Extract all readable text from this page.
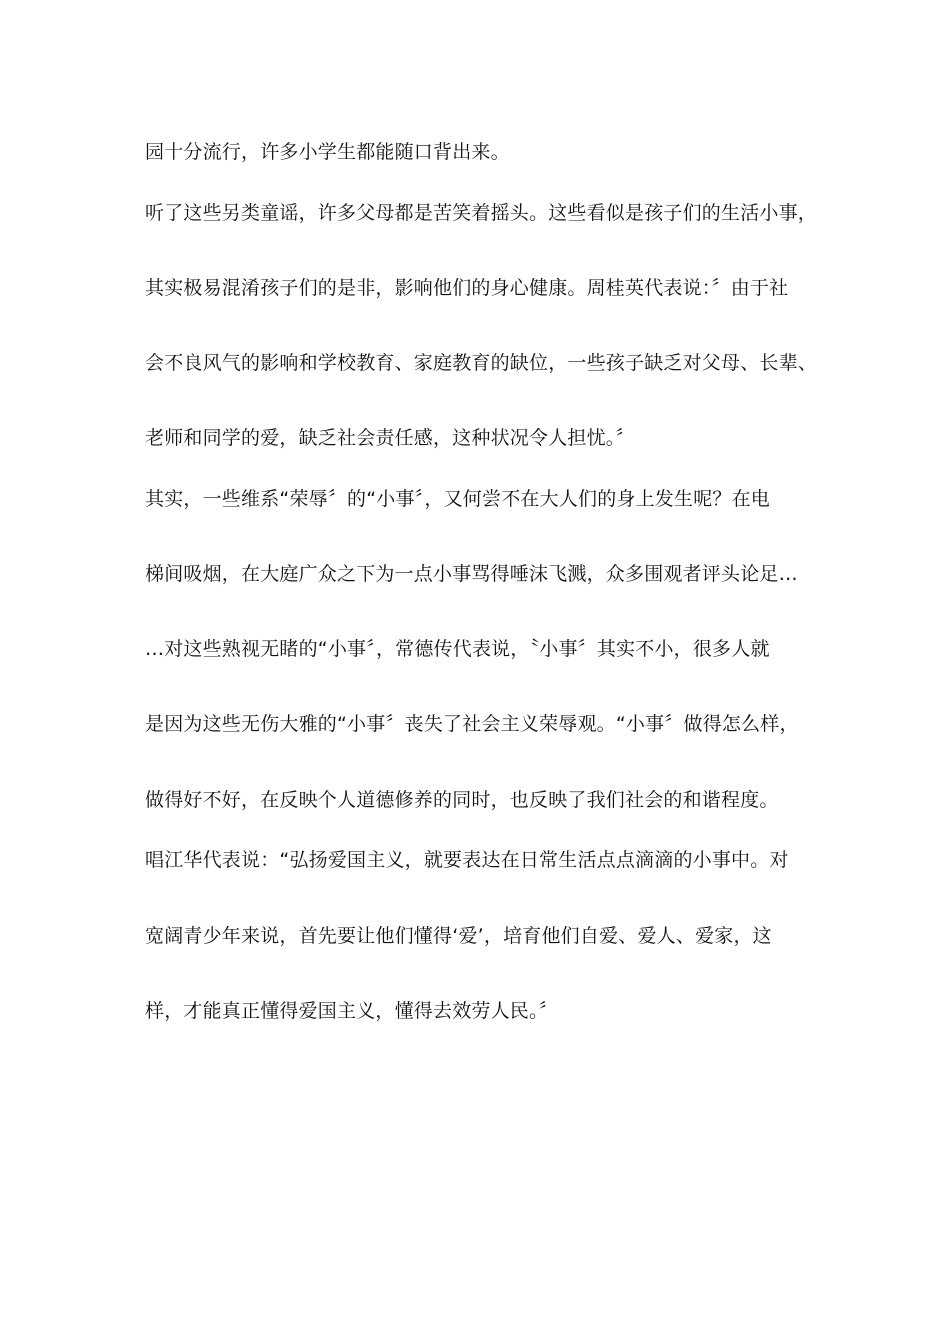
园十分流行，许多小学生都能随口背出来。
听了这些另类童谣，许多父母都是苦笑着摇头。这些看似是孩子们的生活小事，
其实极易混淆孩子们的是非，影响他们的身心健康。周桂英代表说：〞由于社
会不良风气的影响和学校教育、家庭教育的缺位，一些孩子缺乏对父母、长辈、
老师和同学的爱，缺乏社会责任感，这种状况令人担忧。〞
其实，一些维系“荣辱〞的“小事〞，又何尝不在大人们的身上发生呢？在电
梯间吸烟，在大庭广众之下为一点小事骂得唾沫飞溅，众多围观者评头论足…
…对这些熟视无睹的“小事〞，常德传代表说，〝小事〞其实不小，很多人就
是因为这些无伤大雅的“小事〞丧失了社会主义荣辱观。“小事〞做得怎么样，
做得好不好，在反映个人道德修养的同时，也反映了我们社会的和谐程度。
唱江华代表说：“弘扬爱国主义，就要表达在日常生活点点滴滴的小事中。对
宽阔青少年来说，首先要让他们懂得‘爱’，培育他们自爱、爱人、爱家，这
样，才能真正懂得爱国主义，懂得去效劳人民。〞
